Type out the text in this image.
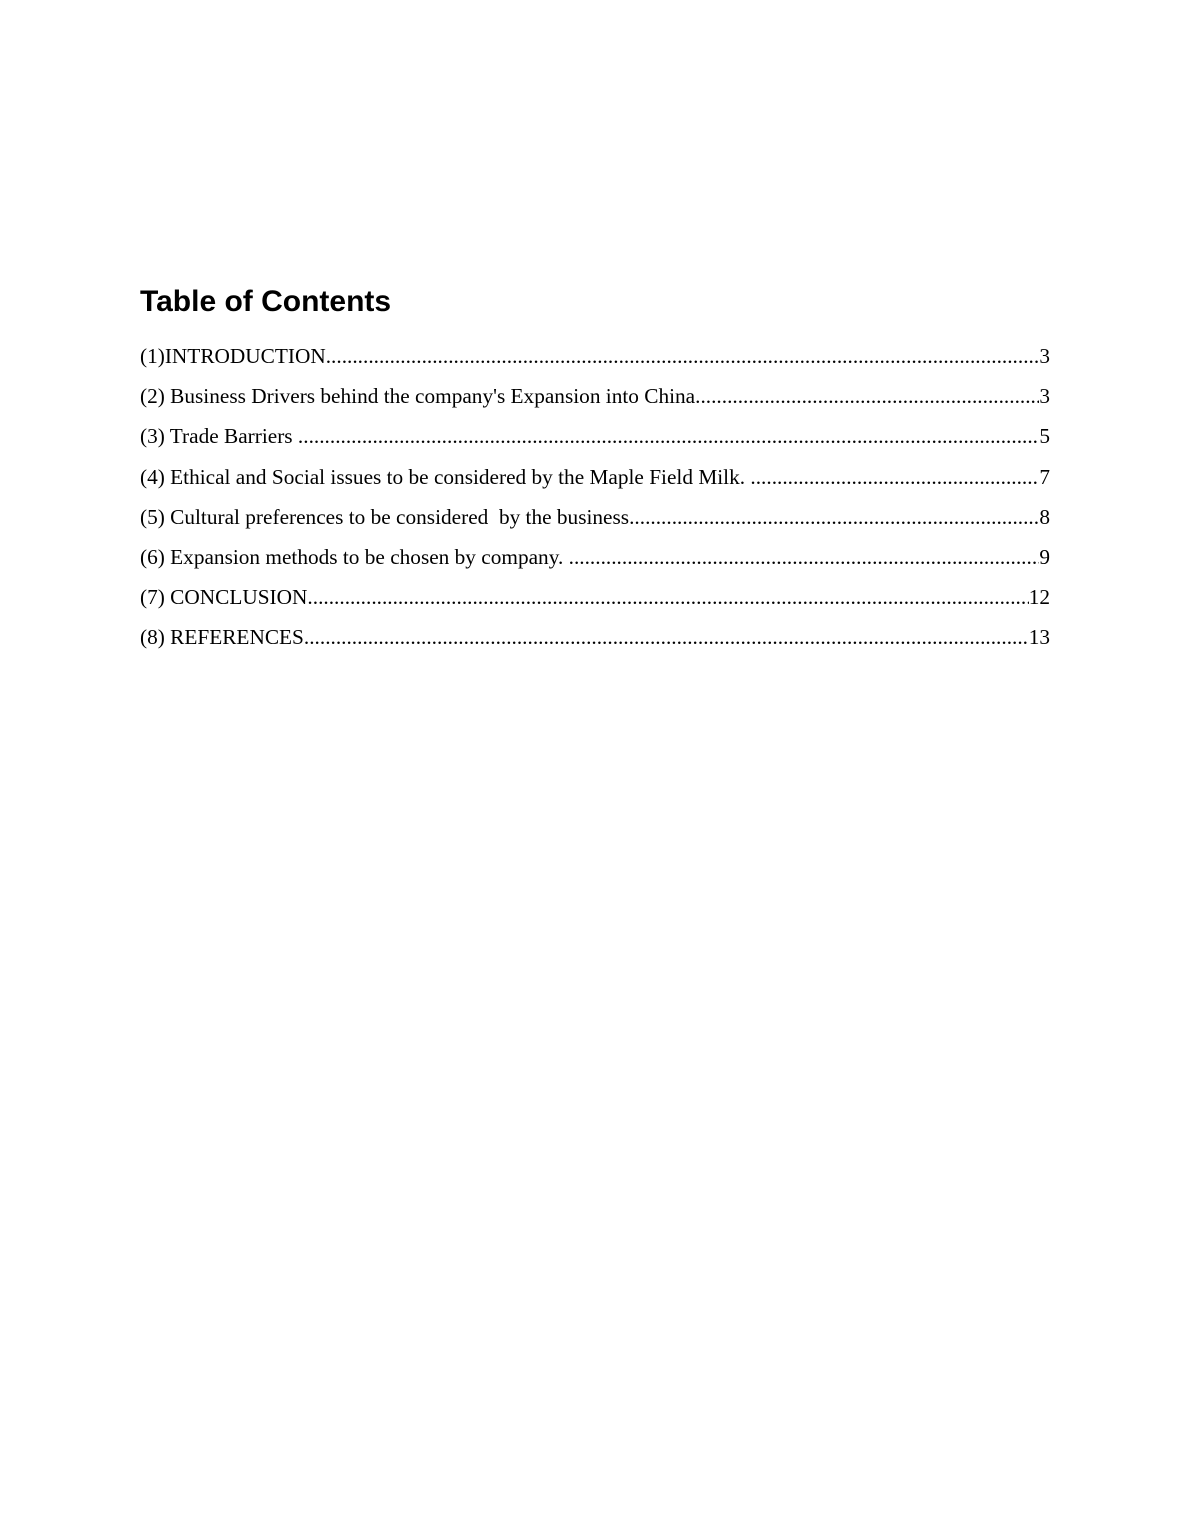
Table of Contents
(1)INTRODUCTION .....	3
(2) Business Drivers behind the company's Expansion into China .....	3
(3) Trade Barriers .....	5
(4) Ethical and Social issues to be considered by the Maple Field Milk. .....	7
(5) Cultural preferences to be considered  by the business .....	8
(6) Expansion methods to be chosen by company. .....	9
(7) CONCLUSION .....	12
(8) REFERENCES .....	13
